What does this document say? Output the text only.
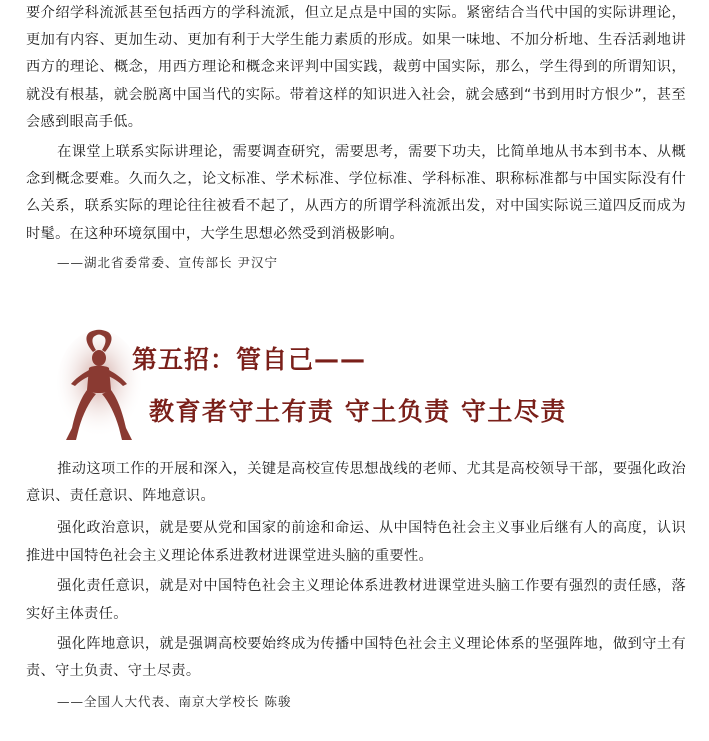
要介绍学科流派甚至包括西方的学科流派，但立足点是中国的实际。紧密结合当代中国的实际讲理论，更加有内容、更加生动、更加有利于大学生能力素质的形成。如果一味地、不加分析地、生吞活剥地讲西方的理论、概念，用西方理论和概念来评判中国实践，裁剪中国实际，那么，学生得到的所谓知识，就没有根基，就会脱离中国当代的实际。带着这样的知识进入社会，就会感到“书到用时方恨少”，甚至会感到眼高手低。

在课堂上联系实际讲理论，需要调查研究，需要思考，需要下功夫，比简单地从书本到书本、从概念到概念要难。久而久之，论文标准、学术标准、学位标准、学科标准、职称标准都与中国实际没有什么关系，联系实际的理论往往被看不起了，从西方的所谓学科流派出发，对中国实际说三道四反而成为时髦。在这种环境氛围中，大学生思想必然受到消极影响。

——湖北省委常委、宣传部长 尹汉宁

第五招：管自己——
教育者守土有责 守土负责 守土尽责

推动这项工作的开展和深入，关键是高校宣传思想战线的老师、尤其是高校领导干部，要强化政治意识、责任意识、阵地意识。

强化政治意识，就是要从党和国家的前途和命运、从中国特色社会主义事业后继有人的高度，认识推进中国特色社会主义理论体系进教材进课堂进头脑的重要性。

强化责任意识，就是对中国特色社会主义理论体系进教材进课堂进头脑工作要有强烈的责任感，落实好主体责任。

强化阵地意识，就是强调高校要始终成为传播中国特色社会主义理论体系的坚强阵地，做到守土有责、守土负责、守土尽责。

——全国人大代表、南京大学校长 陈骏
